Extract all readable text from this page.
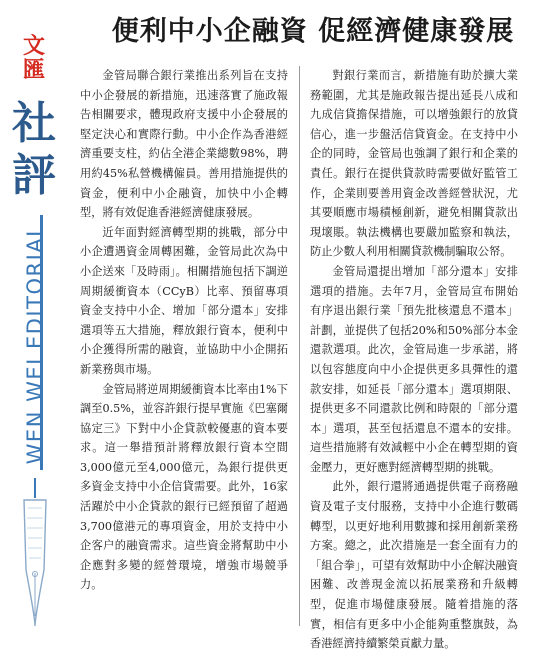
文匯
社評
WEN WEI EDITORIAL
便利中小企融資 促經濟健康發展

金管局聯合銀行業推出系列旨在支持中小企發展的新措施，迅速落實了施政報告相關要求，體現政府支援中小企發展的堅定決心和實際行動。中小企作為香港經濟重要支柱，約佔全港企業總數98%，聘用約45%私營機構僱員。善用措施提供的資金，便利中小企融資，加快中小企轉型，將有效促進香港經濟健康發展。

近年面對經濟轉型期的挑戰，部分中小企遭遇資金周轉困難，金管局此次為中小企送來「及時雨」。相關措施包括下調逆周期緩衝資本（CCyB）比率、預留專項資金支持中小企、增加「部分還本」安排選項等五大措施，釋放銀行資本，便利中小企獲得所需的融資，並協助中小企開拓新業務與市場。

金管局將逆周期緩衝資本比率由1%下調至0.5%，並容許銀行提早實施《巴塞爾協定三》下對中小企貸款較優惠的資本要求。這一舉措預計將釋放銀行資本空間3,000億元至4,000億元，為銀行提供更多資金支持中小企信貸需要。此外，16家活躍於中小企貸款的銀行已經預留了超過3,700億港元的專項資金，用於支持中小企客户的融資需求。這些資金將幫助中小企應對多變的經營環境，增強市場競爭力。

對銀行業而言，新措施有助於擴大業務範圍，尤其是施政報告提出延長八成和九成信貸擔保措施，可以增強銀行的放貸信心，進一步盤活信貸資金。在支持中小企的同時，金管局也強調了銀行和企業的責任。銀行在提供貸款時需要做好監管工作，企業則要善用資金改善經營狀況，尤其要順應市場積極創新，避免相關貸款出現壞賬。執法機構也要嚴加監察和執法，防止少數人利用相關貸款機制騙取公帑。

金管局還提出增加「部分還本」安排選項的措施。去年7月，金管局宣布開始有序退出銀行業「預先批核還息不還本」計劃，並提供了包括20%和50%部分本金還款選項。此次，金管局進一步承諾，將以包容態度向中小企提供更多具彈性的還款安排，如延長「部分還本」選項期限、提供更多不同還款比例和時限的「部分還本」選項，甚至包括還息不還本的安排。這些措施將有效減輕中小企在轉型期的資金壓力，更好應對經濟轉型期的挑戰。

此外，銀行還將通過提供電子商務融資及電子支付服務，支持中小企進行數碼轉型，以更好地利用數據和採用創新業務方案。總之，此次措施是一套全面有力的「組合拳」，可望有效幫助中小企解決融資困難、改善現金流以拓展業務和升級轉型，促進市場健康發展。隨着措施的落實，相信有更多中小企能夠重整旗鼓，為香港經濟持續繁榮貢獻力量。
